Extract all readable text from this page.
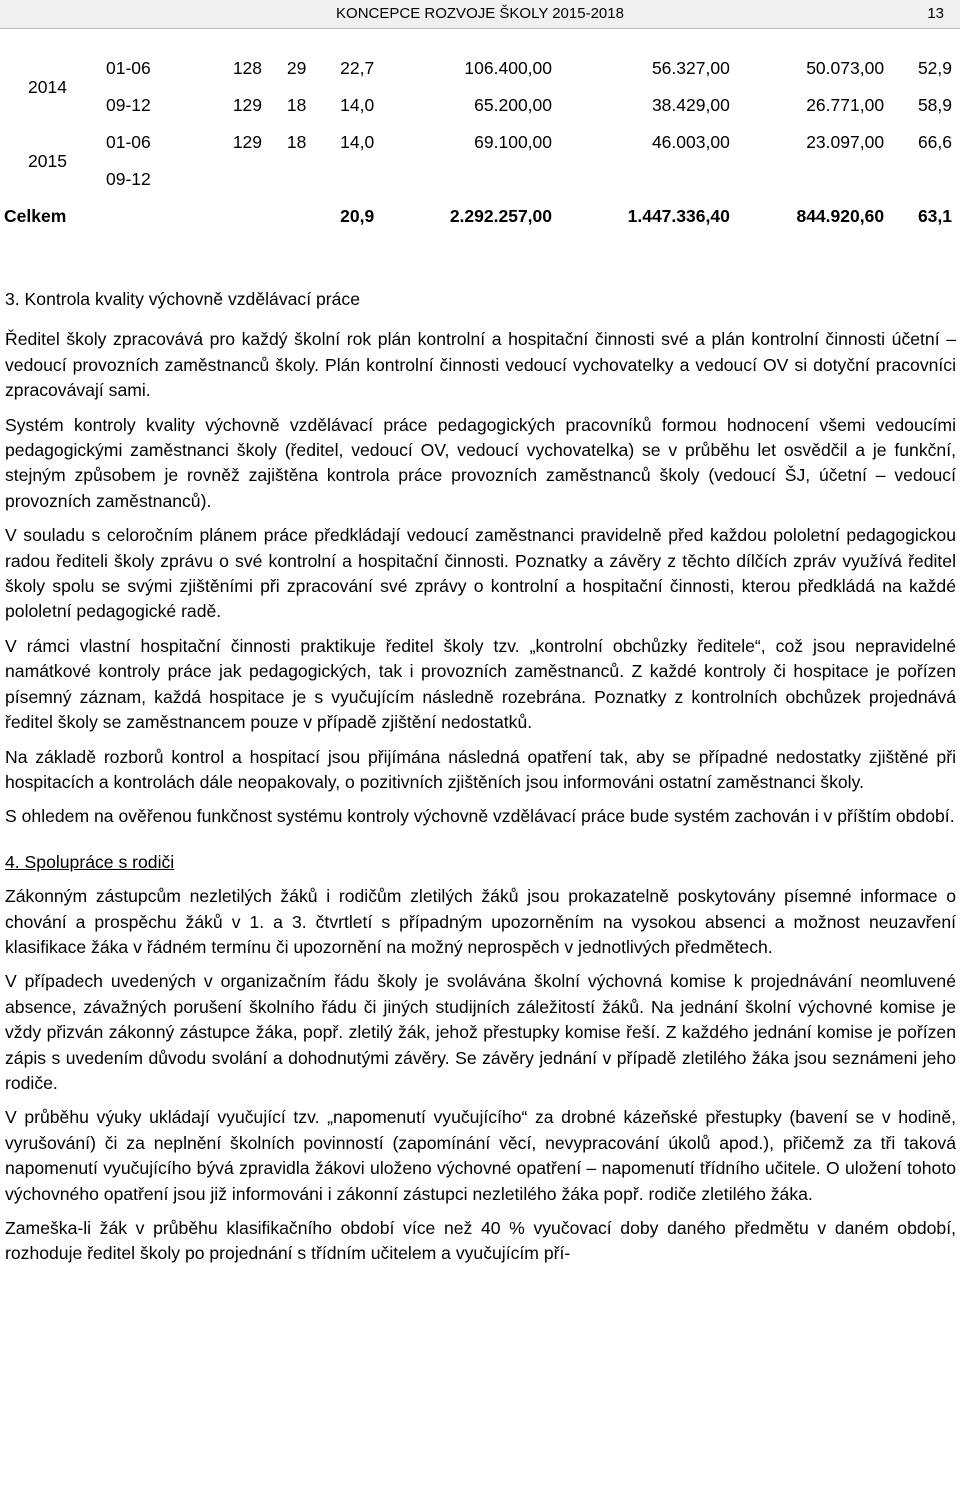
KONCEPCE ROZVOJE ŠKOLY 2015-2018	13
2014	01-06	128	29	22,7	106.400,00	56.327,00	50.073,00	52,9
	09-12	129	18	14,0	65.200,00	38.429,00	26.771,00	58,9
2015	01-06	129	18	14,0	69.100,00	46.003,00	23.097,00	66,6
	09-12							
Celkem				20,9	2.292.257,00	1.447.336,40	844.920,60	63,1
3. Kontrola kvality výchovně vzdělávací práce

Ředitel školy zpracovává pro každý školní rok plán kontrolní a hospitační činnosti své a plán kontrolní činnosti účetní – vedoucí provozních zaměstnanců školy. Plán kontrolní činnosti vedoucí vychovatelky a vedoucí OV si dotyční pracovníci zpracovávají sami.

Systém kontroly kvality výchovně vzdělávací práce pedagogických pracovníků formou hodnocení všemi vedoucími pedagogickými zaměstnanci školy (ředitel, vedoucí OV, vedoucí vychovatelka) se v průběhu let osvědčil a je funkční, stejným způsobem je rovněž zajištěna kontrola práce provozních zaměstnanců školy (vedoucí ŠJ, účetní – vedoucí provozních zaměstnanců).

V souladu s celoročním plánem práce předkládají vedoucí zaměstnanci pravidelně před každou pololetní pedagogickou radou řediteli školy zprávu o své kontrolní a hospitační činnosti. Poznatky a závěry z těchto dílčích zpráv využívá ředitel školy spolu se svými zjištěními při zpracování své zprávy o kontrolní a hospitační činnosti, kterou předkládá na každé pololetní pedagogické radě.

V rámci vlastní hospitační činnosti praktikuje ředitel školy tzv. „kontrolní obchůzky ředitele“, což jsou nepravidelné namátkové kontroly práce jak pedagogických, tak i provozních zaměstnanců. Z každé kontroly či hospitace je pořízen písemný záznam, každá hospitace je s vyučujícím následně rozebrána. Poznatky z kontrolních obchůzek projednává ředitel školy se zaměstnancem pouze v případě zjištění nedostatků.

Na základě rozborů kontrol a hospitací jsou přijímána následná opatření tak, aby se případné nedostatky zjištěné při hospitacích a kontrolách dále neopakovaly, o pozitivních zjištěních jsou informováni ostatní zaměstnanci školy.

S ohledem na ověřenou funkčnost systému kontroly výchovně vzdělávací práce bude systém zachován i v příštím období.

4. Spolupráce s rodiči

Zákonným zástupcům nezletilých žáků i rodičům zletilých žáků jsou prokazatelně poskytovány písemné informace o chování a prospěchu žáků v 1. a 3. čtvrtletí s případným upozorněním na vysokou absenci a možnost neuzavření klasifikace žáka v řádném termínu či upozornění na možný neprospěch v jednotlivých předmětech.

V případech uvedených v organizačním řádu školy je svolávána školní výchovná komise k projednávání neomluvené absence, závažných porušení školního řádu či jiných studijních záležitostí žáků. Na jednání školní výchovné komise je vždy přizván zákonný zástupce žáka, popř. zletilý žák, jehož přestupky komise řeší. Z každého jednání komise je pořízen zápis s uvedením důvodu svolání a dohodnutými závěry. Se závěry jednání v případě zletilého žáka jsou seznámeni jeho rodiče.

V průběhu výuky ukládají vyučující tzv. „napomenutí vyučujícího“ za drobné kázeňské přestupky (bavení se v hodině, vyrušování) či za neplnění školních povinností (zapomínání věcí, nevypracování úkolů apod.), přičemž za tři taková napomenutí vyučujícího bývá zpravidla žákovi uloženo výchovné opatření – napomenutí třídního učitele. O uložení tohoto výchovného opatření jsou již informováni i zákonní zástupci nezletilého žáka popř. rodiče zletilého žáka.

Zameška-li žák v průběhu klasifikačního období více než 40 % vyučovací doby daného předmětu v daném období, rozhoduje ředitel školy po projednání s třídním učitelem a vyučujícím pří-
